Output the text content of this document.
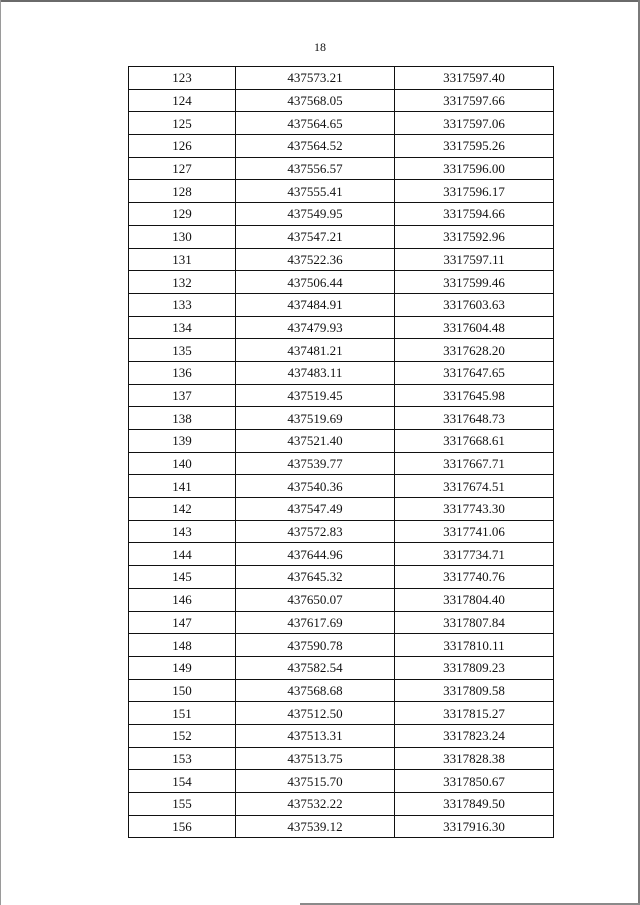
18
123	437573.21	3317597.40
124	437568.05	3317597.66
125	437564.65	3317597.06
126	437564.52	3317595.26
127	437556.57	3317596.00
128	437555.41	3317596.17
129	437549.95	3317594.66
130	437547.21	3317592.96
131	437522.36	3317597.11
132	437506.44	3317599.46
133	437484.91	3317603.63
134	437479.93	3317604.48
135	437481.21	3317628.20
136	437483.11	3317647.65
137	437519.45	3317645.98
138	437519.69	3317648.73
139	437521.40	3317668.61
140	437539.77	3317667.71
141	437540.36	3317674.51
142	437547.49	3317743.30
143	437572.83	3317741.06
144	437644.96	3317734.71
145	437645.32	3317740.76
146	437650.07	3317804.40
147	437617.69	3317807.84
148	437590.78	3317810.11
149	437582.54	3317809.23
150	437568.68	3317809.58
151	437512.50	3317815.27
152	437513.31	3317823.24
153	437513.75	3317828.38
154	437515.70	3317850.67
155	437532.22	3317849.50
156	437539.12	3317916.30
